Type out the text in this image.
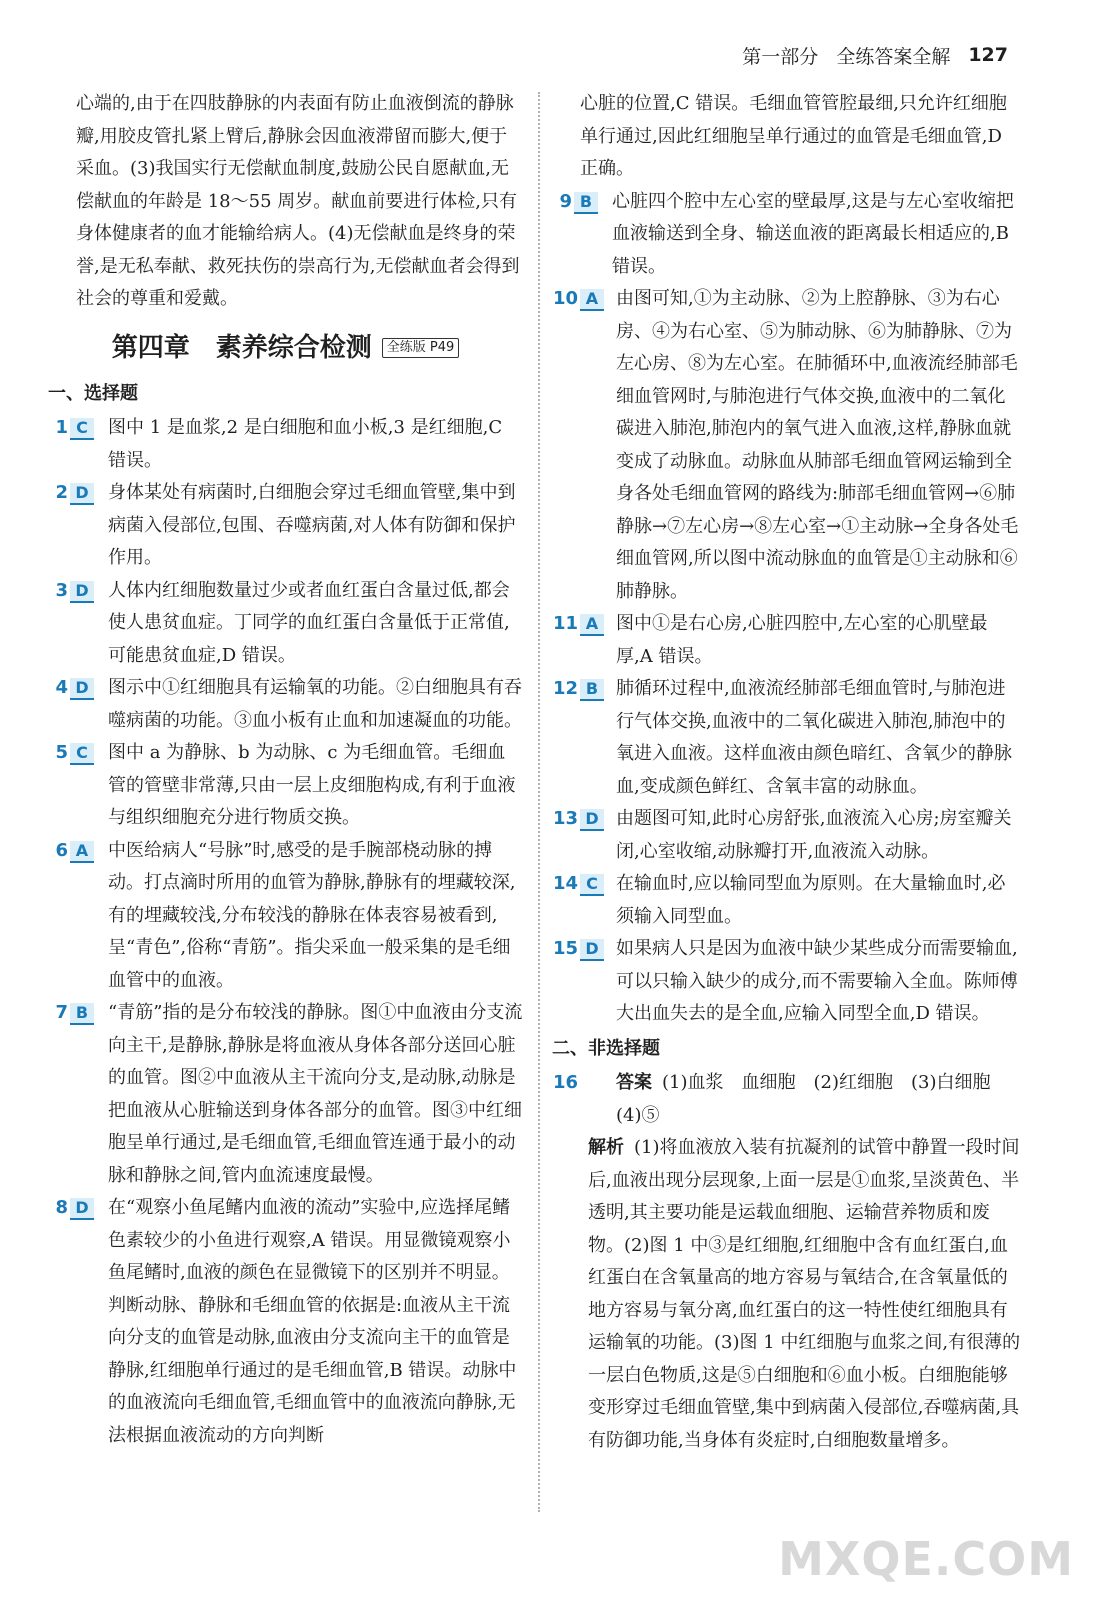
第一部分 全练答案全解 127

心端的,由于在四肢静脉的内表面有防止血液倒流的静脉瓣,用胶皮管扎紧上臂后,静脉会因血液滞留而膨大,便于采血。(3)我国实行无偿献血制度,鼓励公民自愿献血,无偿献血的年龄是 18～55 周岁。献血前要进行体检,只有身体健康者的血才能输给病人。(4)无偿献血是终身的荣誉,是无私奉献、救死扶伤的崇高行为,无偿献血者会得到社会的尊重和爱戴。

第四章　素养综合检测	全练版 P49
一、选择题

1 C	图中 1 是血浆,2 是白细胞和血小板,3 是红细胞,C 错误。

2 D 身体某处有病菌时,白细胞会穿过毛细血管壁,集中到病菌入侵部位,包围、吞噬病菌,对人体有防御和保护作用。

3 D 人体内红细胞数量过少或者血红蛋白含量过低,都会使人患贫血症。丁同学的血红蛋白含量低于正常值,可能患贫血症,D 错误。

4 D 图示中①红细胞具有运输氧的功能。②白细胞具有吞噬病菌的功能。③血小板有止血和加速凝血的功能。

5 C	图中 a 为静脉、b 为动脉、c 为毛细血管。毛细血管的管壁非常薄,只由一层上皮细胞构成,有利于血液与组织细胞充分进行物质交换。

6 A	中医给病人“号脉”时,感受的是手腕部桡动脉的搏动。打点滴时所用的血管为静脉,静脉有的埋藏较深,有的埋藏较浅,分布较浅的静脉在体表容易被看到,呈“青色”,俗称“青筋”。指尖采血一般采集的是毛细血管中的血液。

7 B	“青筋”指的是分布较浅的静脉。图①中血液由分支流向主干,是静脉,静脉是将血液从身体各部分送回心脏的血管。图②中血液从主干流向分支,是动脉,动脉是把血液从心脏输送到身体各部分的血管。图③中红细胞呈单行通过,是毛细血管,毛细血管连通于最小的动脉和静脉之间,管内血流速度最慢。

8 D 在“观察小鱼尾鳍内血液的流动”实验中,应选择尾鳍色素较少的小鱼进行观察,A 错误。用显微镜观察小鱼尾鳍时,血液的颜色在显微镜下的区别并不明显。判断动脉、静脉和毛细血管的依据是:血液从主干流向分支的血管是动脉,血液由分支流向主干的血管是静脉,红细胞单行通过的是毛细血管,B 错误。动脉中的血液流向毛细血管,毛细血管中的血液流向静脉,无法根据血液流动的方向判断

心脏的位置,C 错误。毛细血管管腔最细,只允许红细胞单行通过,因此红细胞呈单行通过的血管是毛细血管,D 正确。

9 B	心脏四个腔中左心室的壁最厚,这是与左心室收缩把血液输送到全身、输送血液的距离最长相适应的,B 错误。

10 A 由图可知,①为主动脉、②为上腔静脉、③为右心房、④为右心室、⑤为肺动脉、⑥为肺静脉、⑦为左心房、⑧为左心室。在肺循环中,血液流经肺部毛细血管网时,与肺泡进行气体交换,血液中的二氧化碳进入肺泡,肺泡内的氧气进入血液,这样,静脉血就变成了动脉血。动脉血从肺部毛细血管网运输到全身各处毛细血管网的路线为:肺部毛细血管网→⑥肺静脉→⑦左心房→⑧左心室→①主动脉→全身各处毛细血管网,所以图中流动脉血的血管是①主动脉和⑥肺静脉。

11 A 图中①是右心房,心脏四腔中,左心室的心肌壁最厚,A 错误。

12 B 肺循环过程中,血液流经肺部毛细血管时,与肺泡进行气体交换,血液中的二氧化碳进入肺泡,肺泡中的氧进入血液。这样血液由颜色暗红、含氧少的静脉血,变成颜色鲜红、含氧丰富的动脉血。

13 D 由题图可知,此时心房舒张,血液流入心房;房室瓣关闭,心室收缩,动脉瓣打开,血液流入动脉。

14 C	在输血时,应以输同型血为原则。在大量输血时,必须输入同型血。

15 D 如果病人只是因为血液中缺少某些成分而需要输血,可以只输入缺少的成分,而不需要输入全血。陈师傅大出血失去的是全血,应输入同型全血,D 错误。

二、非选择题

16 答案 (1)血浆　血细胞　(2)红细胞　(3)白细胞　(4)⑤

解析 (1)将血液放入装有抗凝剂的试管中静置一段时间后,血液出现分层现象,上面一层是①血浆,呈淡黄色、半透明,其主要功能是运载血细胞、运输营养物质和废物。(2)图 1 中③是红细胞,红细胞中含有血红蛋白,血红蛋白在含氧量高的地方容易与氧结合,在含氧量低的地方容易与氧分离,血红蛋白的这一特性使红细胞具有运输氧的功能。(3)图 1 中红细胞与血浆之间,有很薄的一层白色物质,这是⑤白细胞和⑥血小板。白细胞能够变形穿过毛细血管壁,集中到病菌入侵部位,吞噬病菌,具有防御功能,当身体有炎症时,白细胞数量增多。

MXQE.COM
